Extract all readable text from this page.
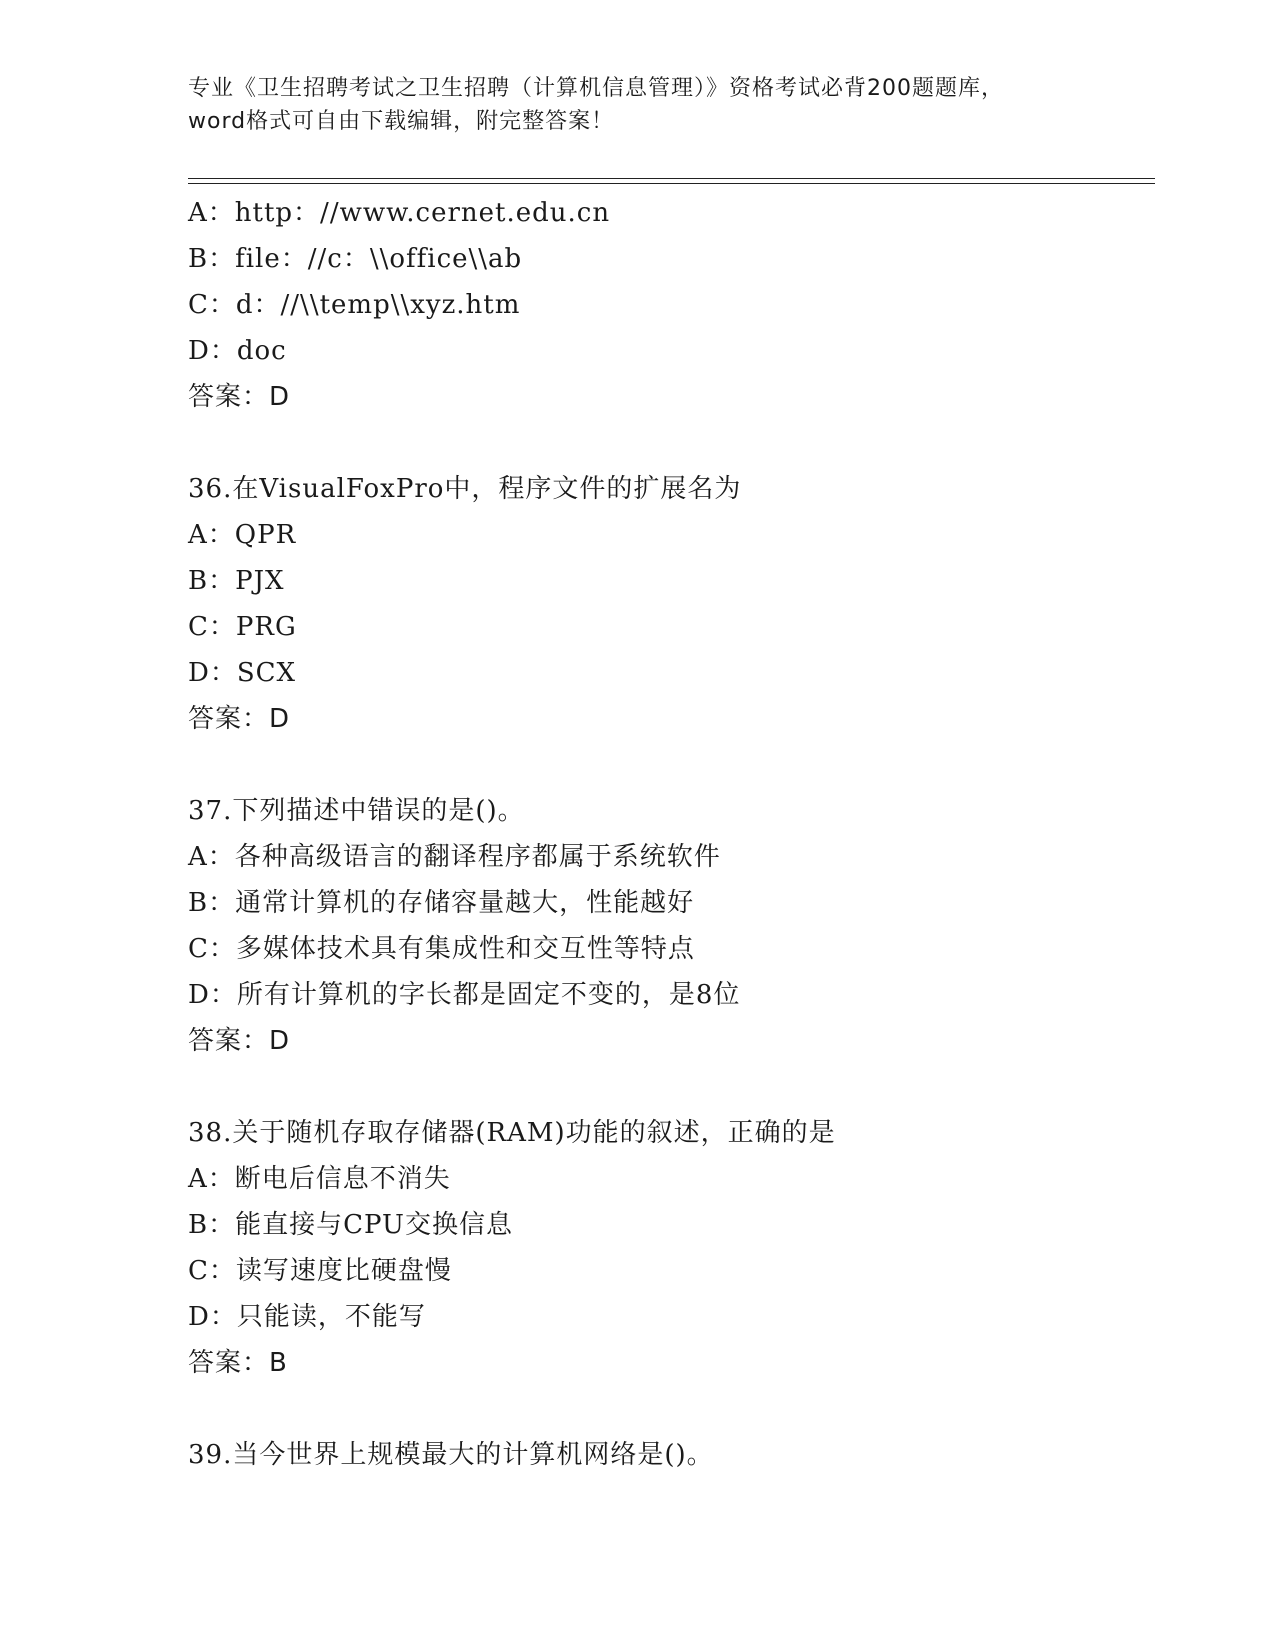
专业《卫生招聘考试之卫生招聘（计算机信息管理）》资格考试必背200题题库，
word格式可自由下载编辑，附完整答案！
A：http：//www.cernet.edu.cn
B：file：//c：\\office\\ab
C：d：//\\temp\\xyz.htm
D：doc
答案：D
36.在VisualFoxPro中，程序文件的扩展名为
A：QPR
B：PJX
C：PRG
D：SCX
答案：D
37.下列描述中错误的是()。
A：各种高级语言的翻译程序都属于系统软件
B：通常计算机的存储容量越大，性能越好
C：多媒体技术具有集成性和交互性等特点
D：所有计算机的字长都是固定不变的，是8位
答案：D
38.关于随机存取存储器(RAM)功能的叙述，正确的是
A：断电后信息不消失
B：能直接与CPU交换信息
C：读写速度比硬盘慢
D：只能读，不能写
答案：B
39.当今世界上规模最大的计算机网络是()。
